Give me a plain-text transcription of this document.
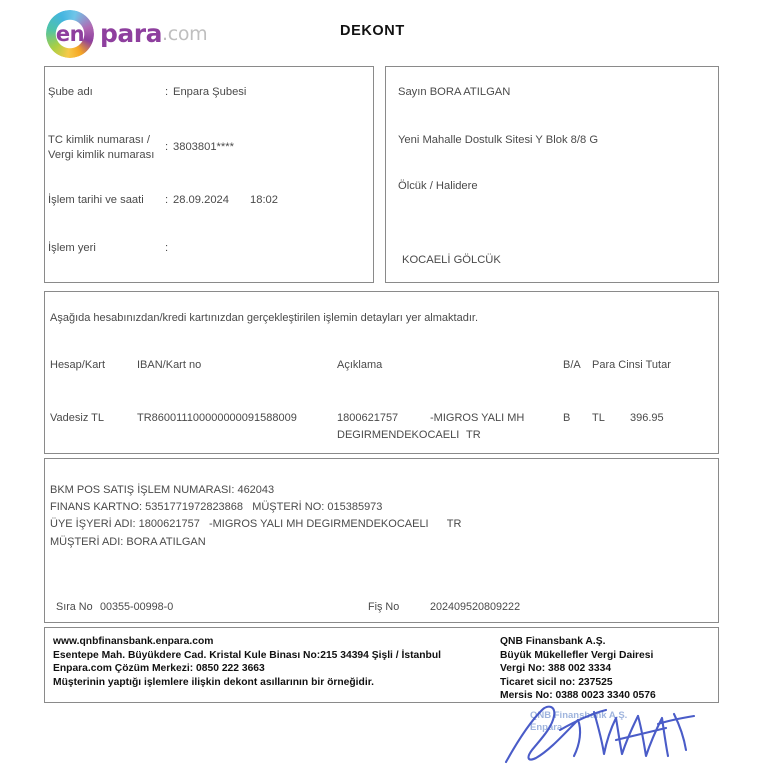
para .com
en	DEKONT
Şube adı	: Enpara Şubesi
TC kimlik numarası /
Vergi kimlik numarası
: 3803801****
İşlem tarihi ve saati : 28.09.2024 18:02
İşlem yeri	:
Sayın BORA ATILGAN
Yeni Mahalle Dostulk Sitesi Y Blok 8/8 G
Ölcük / Halidere
KOCAELİ GÖLCÜK
Aşağıda hesabınızdan/kredi kartınızdan gerçekleştirilen işlemin detayları yer almaktadır.
Hesap/Kart	IBAN/Kart no	Açıklama	B/A Para Cinsi Tutar
Vadesiz TL	TR860011100000000091588009	1800621757	-MIGROS YALI MH	B TL 396.95
DEGIRMENDEKOCAELI TR
BKM POS SATIŞ İŞLEM NUMARASI: 462043
FINANS KARTNO: 5351771972823868   MÜŞTERİ NO: 015385973
ÜYE İŞYERİ ADI: 1800621757   -MIGROS YALI MH DEGIRMENDEKOCAELI      TR
MÜŞTERİ ADI: BORA ATILGAN
Sıra No 00355-00998-0	Fiş No	202409520809222
www.qnbfinansbank.enpara.com
Esentepe Mah. Büyükdere Cad. Kristal Kule Binası No:215 34394 Şişli / İstanbul
Enpara.com Çözüm Merkezi: 0850 222 3663
Müşterinin yaptığı işlemlere ilişkin dekont asıllarının bir örneğidir.
QNB Finansbank A.Ş.
Büyük Mükellefler Vergi Dairesi
Vergi No: 388 002 3334
Ticaret sicil no: 237525
Mersis No: 0388 0023 3340 0576
QNB Finansbank A.Ş.
Enpara
